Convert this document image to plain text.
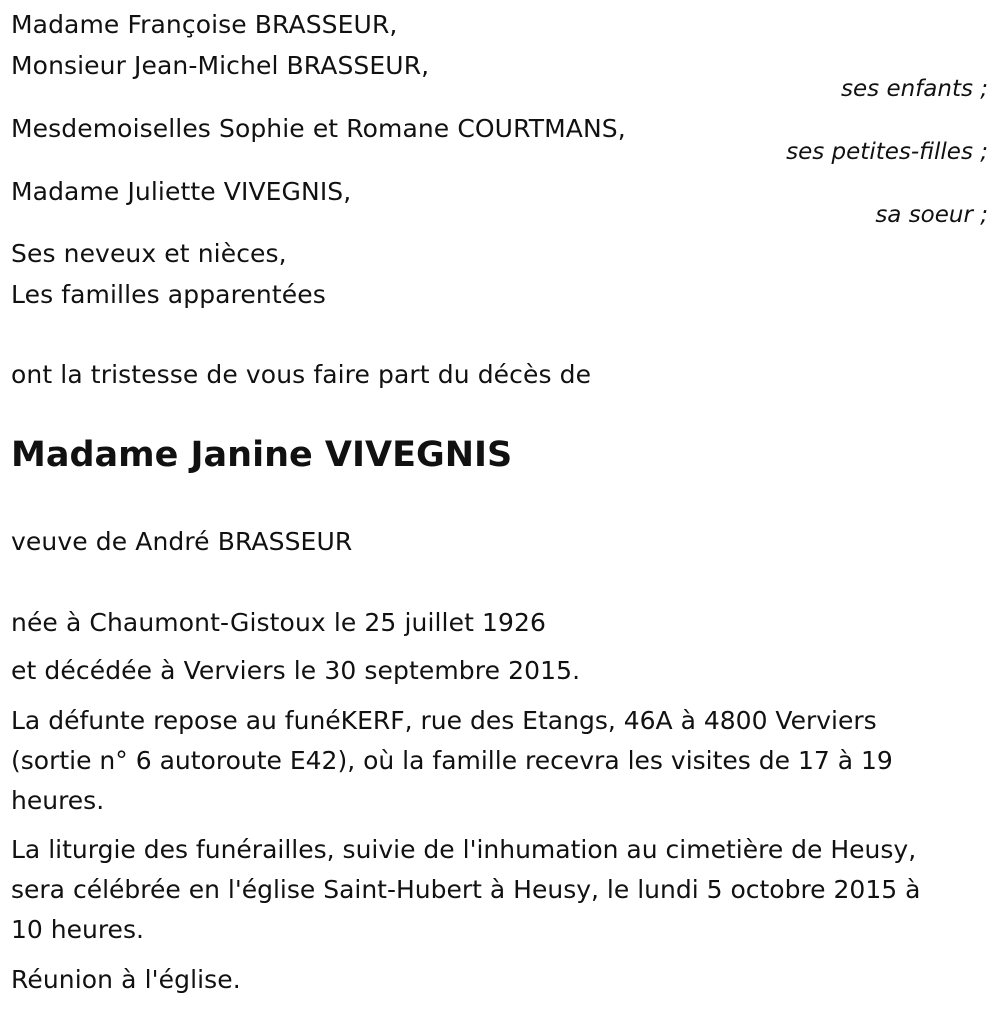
Madame Françoise BRASSEUR,
Monsieur Jean-Michel BRASSEUR,
ses enfants ;
Mesdemoiselles Sophie et Romane COURTMANS,
ses petites-filles ;
Madame Juliette VIVEGNIS,
sa soeur ;
Ses neveux et nièces,
Les familles apparentées
ont la tristesse de vous faire part du décès de
Madame Janine VIVEGNIS
veuve de André BRASSEUR
née à Chaumont-Gistoux le 25 juillet 1926
et décédée à Verviers le 30 septembre 2015.
La défunte repose au funéKERF, rue des Etangs, 46A à 4800 Verviers
(sortie n° 6 autoroute E42), où la famille recevra les visites de 17 à 19
heures.
La liturgie des funérailles, suivie de l'inhumation au cimetière de Heusy,
sera célébrée en l'église Saint-Hubert à Heusy, le lundi 5 octobre 2015 à
10 heures.
Réunion à l'église.
